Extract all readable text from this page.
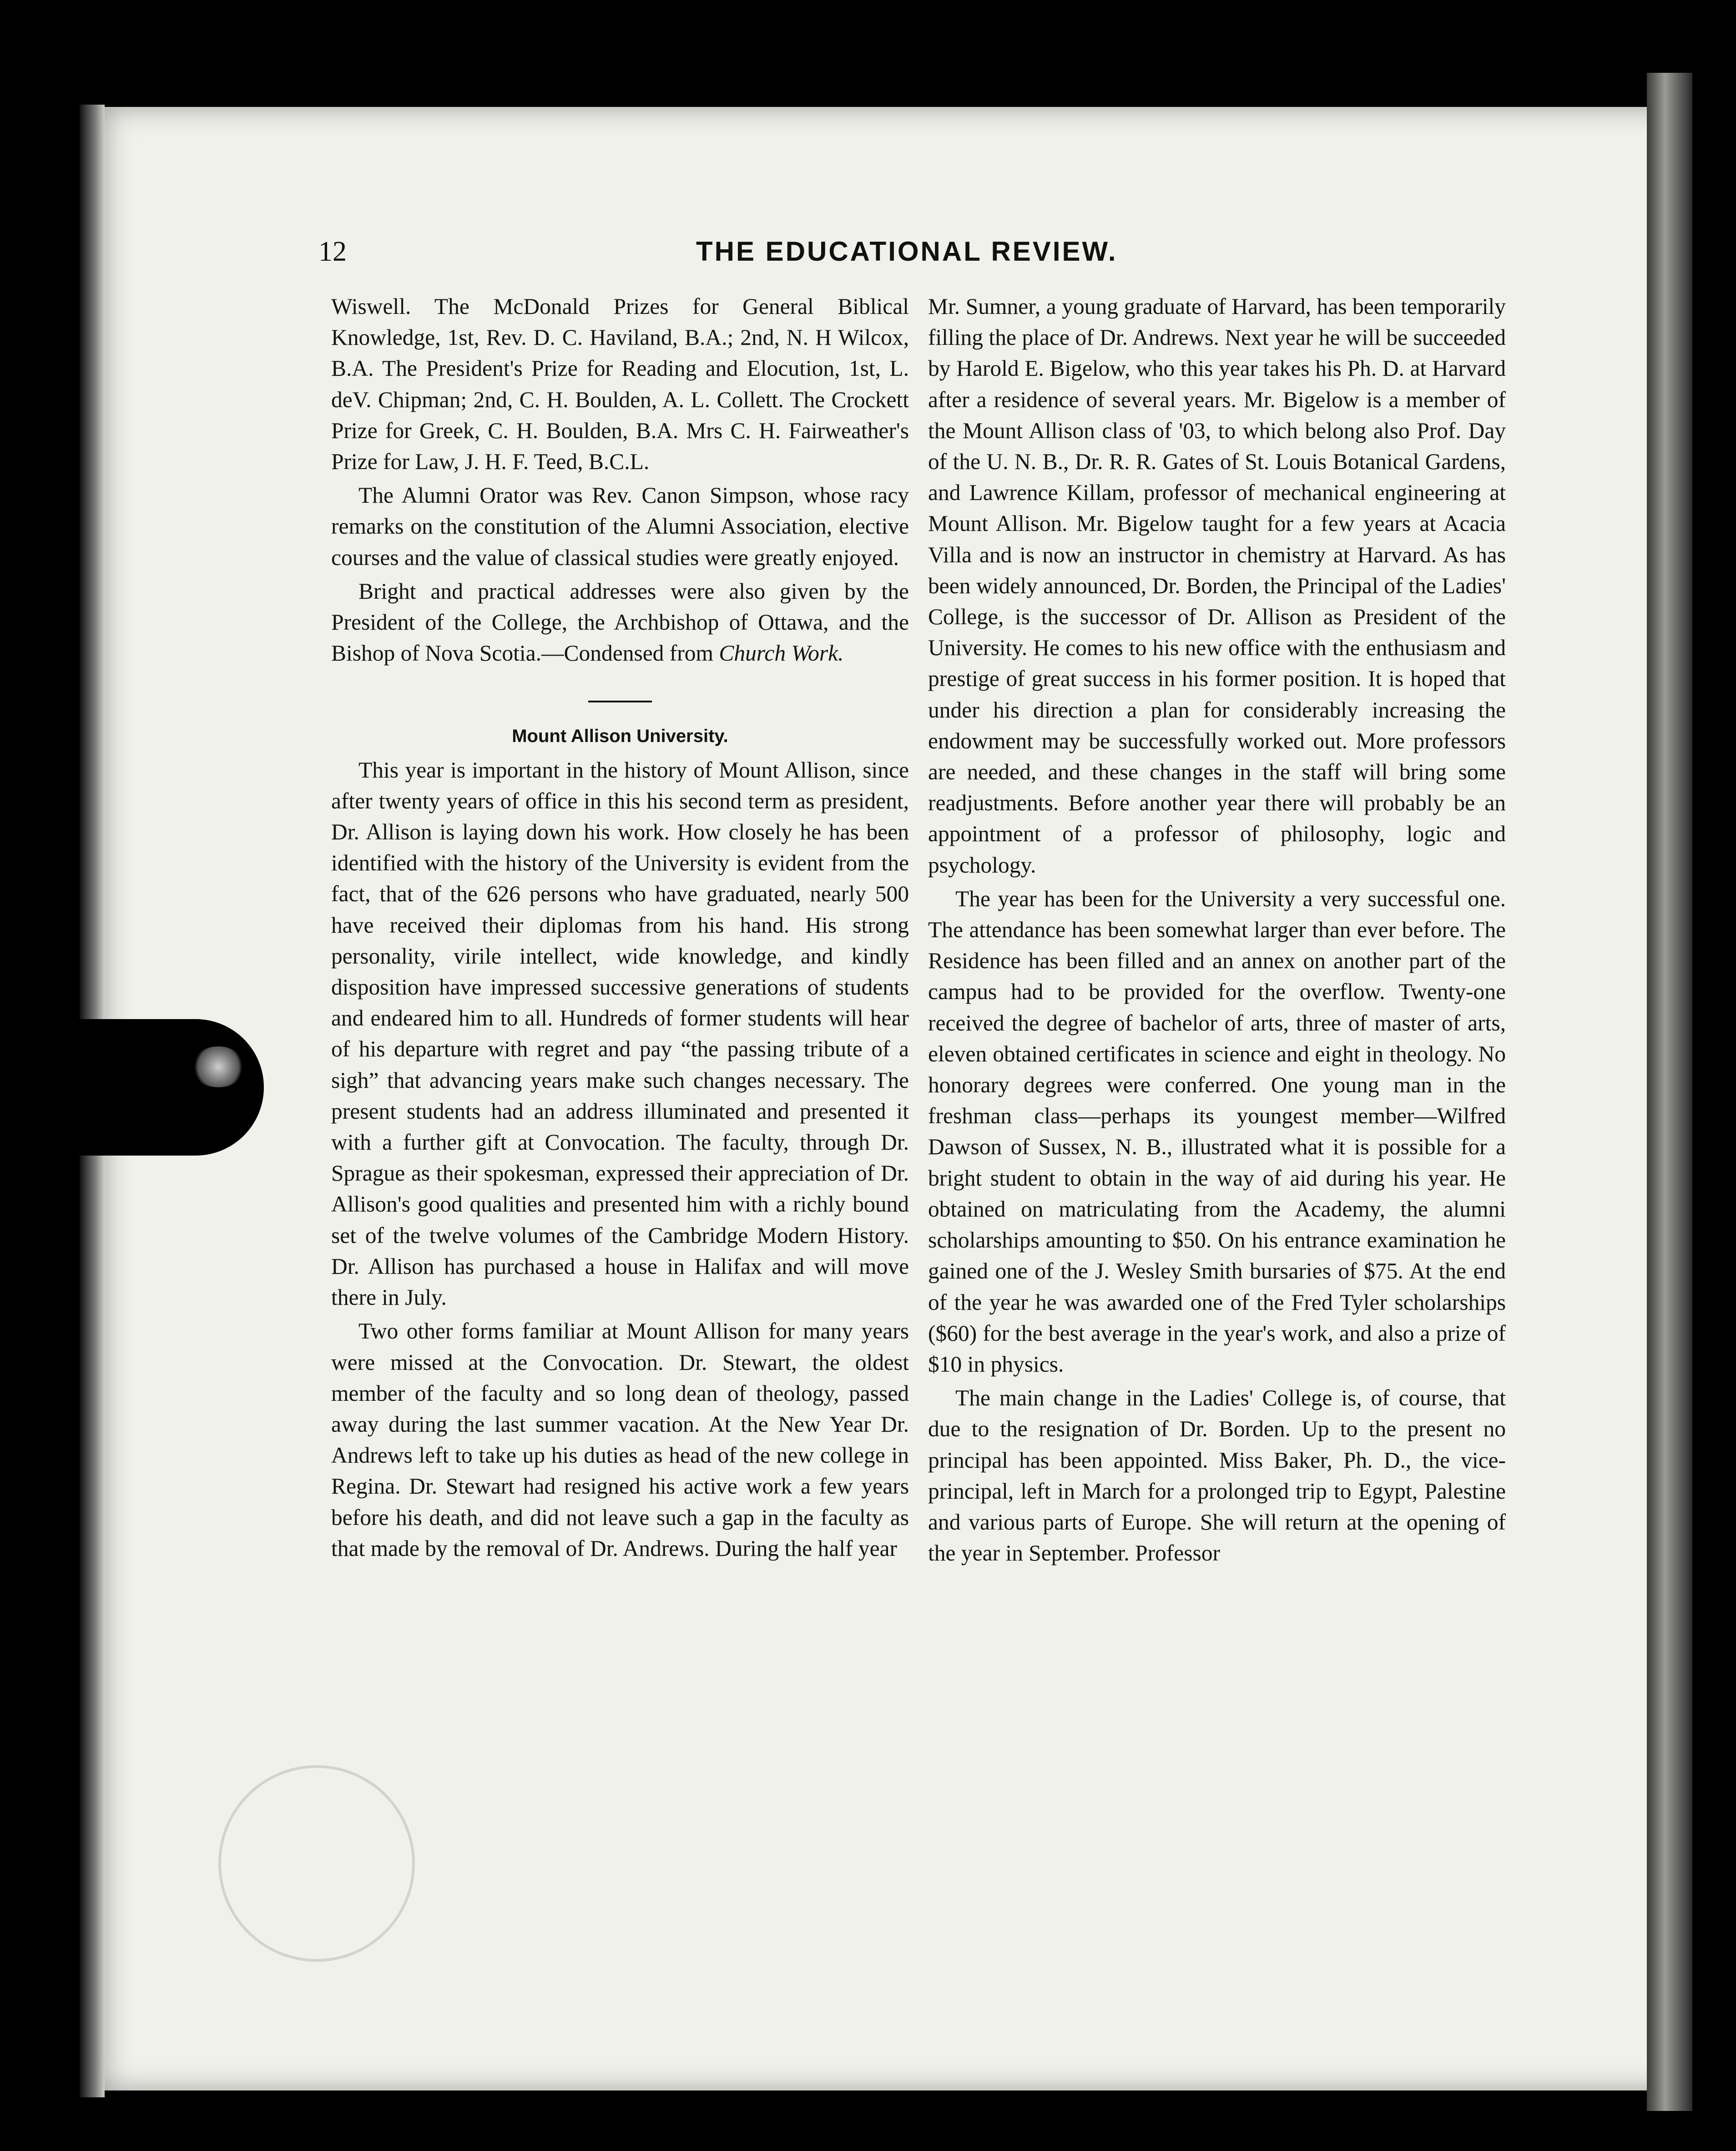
12	THE EDUCATIONAL REVIEW.

Wiswell. The McDonald Prizes for General Biblical Knowledge, 1st, Rev. D. C. Haviland, B.A.; 2nd, N. H Wilcox, B.A. The President's Prize for Reading and Elocution, 1st, L. deV. Chipman; 2nd, C. H. Boulden, A. L. Collett. The Crockett Prize for Greek, C. H. Boulden, B.A. Mrs C. H. Fairweather's Prize for Law, J. H. F. Teed, B.C.L.

The Alumni Orator was Rev. Canon Simpson, whose racy remarks on the constitution of the Alumni Association, elective courses and the value of classical studies were greatly enjoyed.

Bright and practical addresses were also given by the President of the College, the Archbishop of Ottawa, and the Bishop of Nova Scotia.—Condensed from Church Work.

Mount Allison University.

This year is important in the history of Mount Allison, since after twenty years of office in this his second term as president, Dr. Allison is laying down his work. How closely he has been identified with the history of the University is evident from the fact, that of the 626 persons who have graduated, nearly 500 have received their diplomas from his hand. His strong personality, virile intellect, wide knowledge, and kindly disposition have impressed successive generations of students and endeared him to all. Hundreds of former students will hear of his departure with regret and pay “the passing tribute of a sigh” that advancing years make such changes necessary. The present students had an address illuminated and presented it with a further gift at Convocation. The faculty, through Dr. Sprague as their spokesman, expressed their appreciation of Dr. Allison's good qualities and presented him with a richly bound set of the twelve volumes of the Cambridge Modern History. Dr. Allison has purchased a house in Halifax and will move there in July.

Two other forms familiar at Mount Allison for many years were missed at the Convocation. Dr. Stewart, the oldest member of the faculty and so long dean of theology, passed away during the last summer vacation. At the New Year Dr. Andrews left to take up his duties as head of the new college in Regina. Dr. Stewart had resigned his active work a few years before his death, and did not leave such a gap in the faculty as that made by the removal of Dr. Andrews. During the half year

Mr. Sumner, a young graduate of Harvard, has been temporarily filling the place of Dr. Andrews. Next year he will be succeeded by Harold E. Bigelow, who this year takes his Ph. D. at Harvard after a residence of several years. Mr. Bigelow is a member of the Mount Allison class of '03, to which belong also Prof. Day of the U. N. B., Dr. R. R. Gates of St. Louis Botanical Gardens, and Lawrence Killam, professor of mechanical engineering at Mount Allison. Mr. Bigelow taught for a few years at Acacia Villa and is now an instructor in chemistry at Harvard. As has been widely announced, Dr. Borden, the Principal of the Ladies' College, is the successor of Dr. Allison as President of the University. He comes to his new office with the enthusiasm and prestige of great success in his former position. It is hoped that under his direction a plan for considerably increasing the endowment may be successfully worked out. More professors are needed, and these changes in the staff will bring some readjustments. Before another year there will probably be an appointment of a professor of philosophy, logic and psychology.

The year has been for the University a very successful one. The attendance has been somewhat larger than ever before. The Residence has been filled and an annex on another part of the campus had to be provided for the overflow. Twenty-one received the degree of bachelor of arts, three of master of arts, eleven obtained certificates in science and eight in theology. No honorary degrees were conferred. One young man in the freshman class—perhaps its youngest member—Wilfred Dawson of Sussex, N. B., illustrated what it is possible for a bright student to obtain in the way of aid during his year. He obtained on matriculating from the Academy, the alumni scholarships amounting to $50. On his entrance examination he gained one of the J. Wesley Smith bursaries of $75. At the end of the year he was awarded one of the Fred Tyler scholarships ($60) for the best average in the year's work, and also a prize of $10 in physics.

The main change in the Ladies' College is, of course, that due to the resignation of Dr. Borden. Up to the present no principal has been appointed. Miss Baker, Ph. D., the vice-principal, left in March for a prolonged trip to Egypt, Palestine and various parts of Europe. She will return at the opening of the year in September. Professor
